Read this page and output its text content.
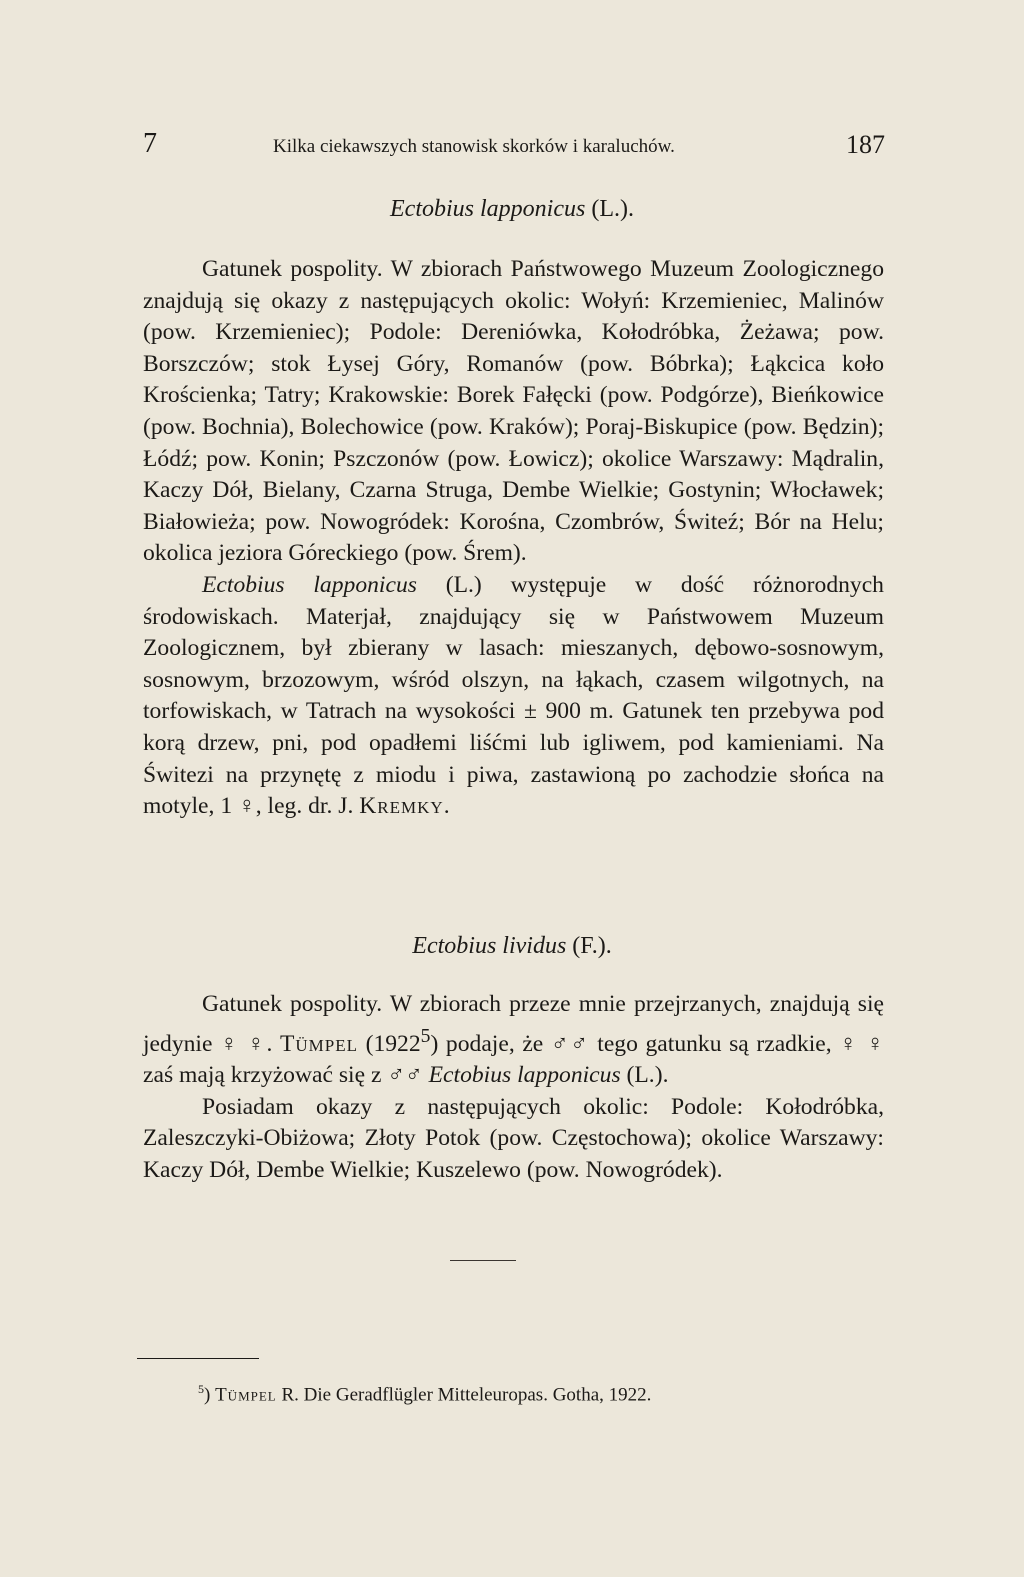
7	Kilka ciekawszych stanowisk skorków i karaluchów.	187
Ectobius lapponicus (L.).

Gatunek pospolity. W zbiorach Państwowego Muzeum Zoologicznego znajdują się okazy z następujących okolic: Wołyń: Krzemieniec, Malinów (pow. Krzemieniec); Podole: Dereniówka, Kołodróbka, Żeżawa; pow. Borszczów; stok Łysej Góry, Romanów (pow. Bóbrka); Łąkcica koło Krościenka; Tatry; Krakowskie: Borek Fałęcki (pow. Podgórze), Bieńkowice (pow. Bochnia), Bolechowice (pow. Kraków); Poraj-Biskupice (pow. Będzin); Łódź; pow. Konin; Pszczonów (pow. Łowicz); okolice Warszawy: Mądralin, Kaczy Dół, Bielany, Czarna Struga, Dembe Wielkie; Gostynin; Włocławek; Białowieża; pow. Nowogródek: Korośna, Czombrów, Świteź; Bór na Helu; okolica jeziora Góreckiego (pow. Śrem).

Ectobius lapponicus (L.) występuje w dość różnorodnych środowiskach. Materjał, znajdujący się w Państwowem Muzeum Zoologicznem, był zbierany w lasach: mieszanych, dębowo-sosnowym, sosnowym, brzozowym, wśród olszyn, na łąkach, czasem wilgotnych, na torfowiskach, w Tatrach na wysokości ± 900 m. Gatunek ten przebywa pod korą drzew, pni, pod opadłemi liśćmi lub igliwem, pod kamieniami. Na Świtezi na przynętę z miodu i piwa, zastawioną po zachodzie słońca na motyle, 1 ♀, leg. dr. J. Kremky.

Ectobius lividus (F.).

Gatunek pospolity. W zbiorach przeze mnie przejrzanych, znajdują się jedynie ♀ ♀. Tümpel (1922$^5$) podaje, że ♂♂ tego gatunku są rzadkie, ♀ ♀ zaś mają krzyżować się z ♂♂ Ectobius lapponicus (L.).

Posiadam okazy z następujących okolic: Podole: Kołodróbka, Zaleszczyki-Obiżowa; Złoty Potok (pow. Częstochowa); okolice Warszawy: Kaczy Dół, Dembe Wielkie; Kuszelewo (pow. Nowogródek).

$^5$) Tümpel R. Die Geradflügler Mitteleuropas. Gotha, 1922.
